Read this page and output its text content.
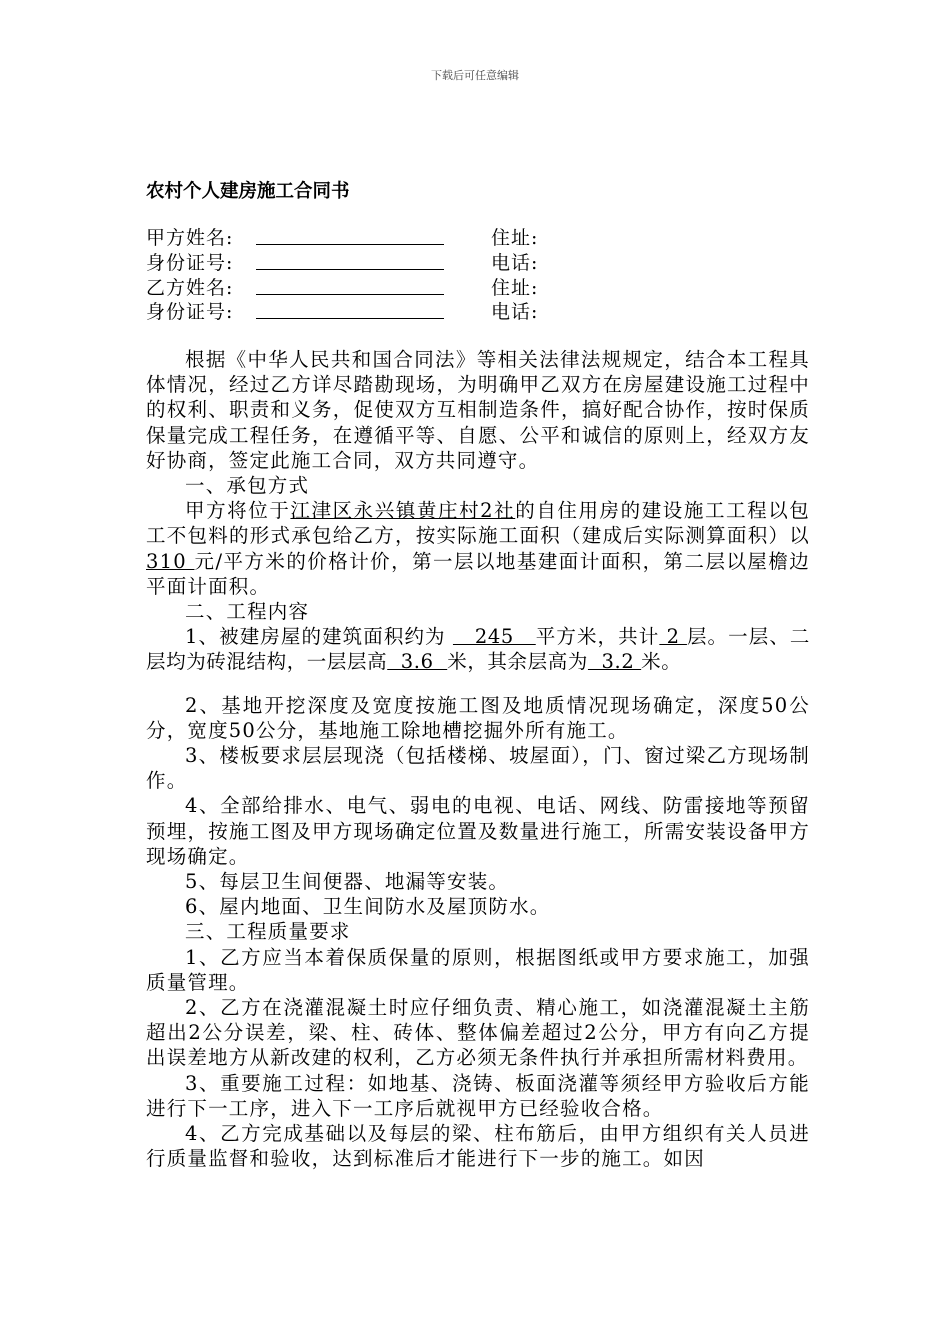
下载后可任意编辑
农村个人建房施工合同书
甲方姓名:	住址:
身份证号:	电话:
乙方姓名:	住址:
身份证号:	电话:

根据《中华人民共和国合同法》等相关法律法规规定，结合本工程具体情况，经过乙方详尽踏勘现场，为明确甲乙双方在房屋建设施工过程中的权利、职责和义务，促使双方互相制造条件，搞好配合协作，按时保质保量完成工程任务，在遵循平等、自愿、公平和诚信的原则上，经双方友好协商，签定此施工合同，双方共同遵守。

一、承包方式

甲方将位于江津区永兴镇黄庄村2社的自住用房的建设施工工程以包工不包料的形式承包给乙方，按实际施工面积（建成后实际测算面积）以 310 元/平方米的价格计价，第一层以地基建面计面积，第二层以屋檐边平面计面积。

二、工程内容

1、被建房屋的建筑面积约为    245   平方米，共计 2 层。一层、二层均为砖混结构，一层层高  3.6  米，其余层高为  3.2 米。

2、基地开挖深度及宽度按施工图及地质情况现场确定，深度50公分，宽度50公分，基地施工除地槽挖掘外所有施工。

3、楼板要求层层现浇（包括楼梯、坡屋面），门、窗过梁乙方现场制作。

4、全部给排水、电气、弱电的电视、电话、网线、防雷接地等预留预埋，按施工图及甲方现场确定位置及数量进行施工，所需安装设备甲方现场确定。

5、每层卫生间便器、地漏等安装。

6、屋内地面、卫生间防水及屋顶防水。

三、工程质量要求

1、乙方应当本着保质保量的原则，根据图纸或甲方要求施工，加强质量管理。

2、乙方在浇灌混凝土时应仔细负责、精心施工，如浇灌混凝土主筋超出2公分误差，梁、柱、砖体、整体偏差超过2公分，甲方有向乙方提出误差地方从新改建的权利，乙方必须无条件执行并承担所需材料费用。

3、重要施工过程：如地基、浇铸、板面浇灌等须经甲方验收后方能进行下一工序，进入下一工序后就视甲方已经验收合格。

4、乙方完成基础以及每层的梁、柱布筋后，由甲方组织有关人员进行质量监督和验收，达到标准后才能进行下一步的施工。如因
